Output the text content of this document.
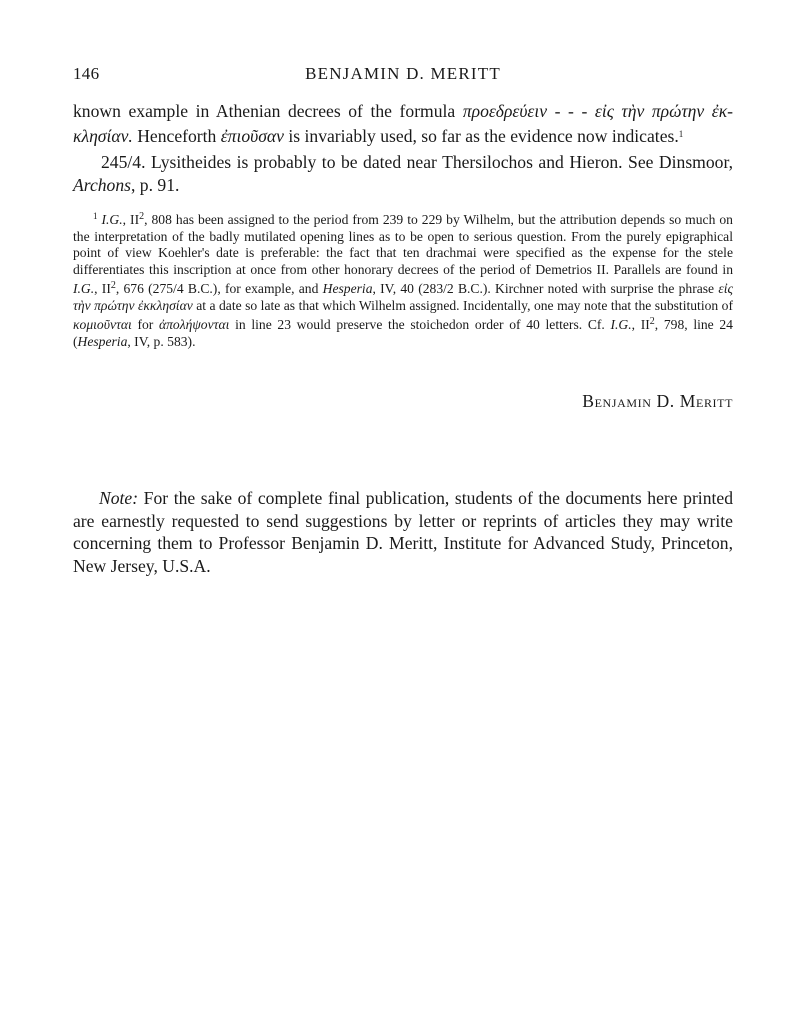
146	BENJAMIN D. MERITT
known example in Athenian decrees of the formula προεδρεύειν - - - εἰς τὴν πρώτην ἐκ-κλησίαν. Henceforth ἐπιοῦσαν is invariably used, so far as the evidence now indicates.$^1$
245/4. Lysitheides is probably to be dated near Thersilochos and Hieron. See Dinsmoor, Archons, p. 91.
$^1$ I.G., $II^2$, 808 has been assigned to the period from 239 to 229 by Wilhelm, but the attribution depends so much on the interpretation of the badly mutilated opening lines as to be open to serious question. From the purely epigraphical point of view Koehler's date is preferable: the fact that ten drachmai were specified as the expense for the stele differentiates this inscription at once from other honorary decrees of the period of Demetrios II. Parallels are found in I.G., $II^2$, 676 (275/4 B.C.), for example, and Hesperia, IV, 40 (283/2 B.C.). Kirchner noted with surprise the phrase εἰς τὴν πρώτην ἐκκλησίαν at a date so late as that which Wilhelm assigned. Incidentally, one may note that the substitution of κομιοῦνται for ἀπολήψονται in line 23 would preserve the stoichedon order of 40 letters. Cf. I.G., $II^2$, 798, line 24 (Hesperia, IV, p. 583).
Benjamin D. Meritt
Note: For the sake of complete final publication, students of the documents here printed are earnestly requested to send suggestions by letter or reprints of articles they may write concerning them to Professor Benjamin D. Meritt, Institute for Advanced Study, Princeton, New Jersey, U.S.A.
